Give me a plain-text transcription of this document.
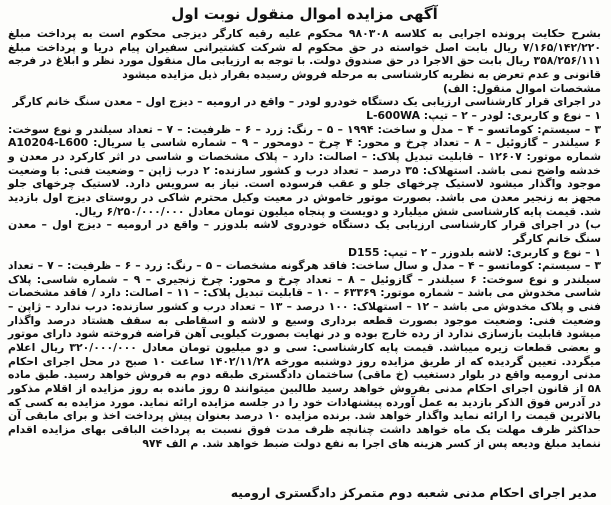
آگهی مزایده اموال منقول نوبت اول

بشرح حکایت پرونده اجرایی به کلاسه ۹۸۰۳۰۸ محکوم علیه رقیه کارگر دیزجی محکوم است به پرداخت مبلغ ۷/۱۶۵/۱۴۲/۲۲۰ ریال بابت اصل خواسته در حق محکوم له شرکت کشتیرانی سفیران پیام دریا و پرداخت مبلغ ۳۵۸/۲۵۶/۱۱۱ ریال بابت حق الاجرا در حق صندوق دولت. با توجه به ارزیابی مال منقول مورد نظر و ابلاغ در فرجه قانونی و عدم تعرض به نظریه کارشناسی به مرحله فروش رسیده بقرار ذیل مزایده میشود

مشخصات اموال منقول: الف)

در اجرای قرار کارشناسی ارزیابی یک دستگاه خودرو لودر – واقع در ارومیه – دیزج اول – معدن سنگ خانم کارگر

۱ – نوع و کاربری: لودر – ۲ – تیپ: L-600WA

۳ – سیستم: کوماتسو – ۴ – مدل و ساخت: ۱۹۹۴ – ۵ – رنگ: زرد – ۶ – ظرفیت: – ۷ – تعداد سیلندر و نوع سوخت: ۶ سیلندر – گازوئیل – ۸ – تعداد چرخ و محور: ۴ چرخ – دومحور – ۹ – شماره شاسی یا سریال: A10204-L600 شماره موتور: ۱۲۶۰۷ – قابلیت تبدیل پلاک: – اصالت: دارد – پلاک مشخصات و شاسی در اثر کارکرد در معدن و خدشه واضح نمی باشد. استهلاک: ۳۵ درصد – تعداد درب و کشور سازنده: ۲ درب ژاپن – وضعیت فنی: با وضعیت موجود واگذار میشود لاستیک چرخهای جلو و عقب فرسوده است. نیاز به سرویس دارد. لاستیک چرخهای جلو مجهز به زنجیر معدن می باشد. بصورت موتور خاموش در معیت وکیل محترم شاکی در روستای دیزج اول بازدید شد. قیمت پایه کارشناسی شش میلیارد و دویست و پنجاه میلیون تومان معادل ۶/۲۵۰/۰۰۰/۰۰۰ ریال.

ب) در اجرای قرار کارشناسی ارزیابی یک دستگاه خودروی لاشه بلدوزر – واقع در ارومیه – دیزج اول – معدن سنگ خانم کارگر

۱ – نوع و کاربری: لاشه بلدوزر – ۲ – تیپ: D155

۳ – سیستم: کوماتسو – ۴ – مدل و سال ساخت: فاقد هرگونه مشخصات – ۵ – رنگ: زرد – ۶ – ظرفیت: – ۷ – تعداد سیلندر و نوع سوخت: ۶ سیلندر – گازوئیل – ۸ – تعداد چرخ و محور: چرخ زنجیری – ۹ – شماره شاسی: پلاک شاسی مخدوش می باشد – شماره موتور: ۶۳۳۶۹ – ۱۰ – قابلیت تبدیل پلاک: – ۱۱ – اصالت: دارد / فاقد مشخصات فنی و پلاک مخدوش می باشد – ۱۲ – استهلاک: ۱۰۰ درصد – ۱۳ – تعداد درب و کشور سازنده: درب ندارد – ژاپن – وضعیت فنی: وضعیت موجود بصورت قطعه برداری وسیع و لاشه و اسقاطی به سقف هشتاد درصد واگذار میشود قابلیت بازسازی ندارد از رده خارج بوده و در نهایت بصورت کیلویی آهن قراضه فروخته شود دارای موتور و بعضی قطعات زیره میباشد. قیمت پایه کارشناسی: سی و دو میلیون تومان معادل ۳۲۰/۰۰۰/۰۰۰ ریال اعلام میگردد. تعیین گردیده که از طریق مزایده روز دوشنبه مورخه ۱۴۰۲/۱۱/۲۸ ساعت ۱۰ صبح در محل اجرای احکام مدنی ارومیه واقع در بلوار دستغیب (خ ماقی) ساختمان دادگستری طبقه دوم به فروش خواهد رسید. طبق ماده ۵۸ از قانون اجرای احکام مدنی بفروش خواهد رسید طالبین میتوانند ۵ روز مانده به روز مزایده از اقلام مذکور در آدرس فوق الذکر بازدید به عمل آورده پیشنهادات خود را در جلسه مزایده ارائه نماید. مورد مزایده به کسی که بالاترین قیمت را ارائه نماید واگذار خواهد شد. برنده مزایده ۱۰ درصد بعنوان پیش پرداخت اخذ و برای مابقی آن حداکثر ظرف مهلت یک ماه خواهد داشت چنانچه ظرف مدت فوق نسبت به پرداخت الباقی بهای مزایده اقدام ننماید مبلغ ودیعه پس از کسر هزینه های اجرا به نفع دولت ضبط خواهد شد. م الف ۹۷۴

مدیر اجرای احکام مدنی شعبه دوم متمرکز دادگستری ارومیه
